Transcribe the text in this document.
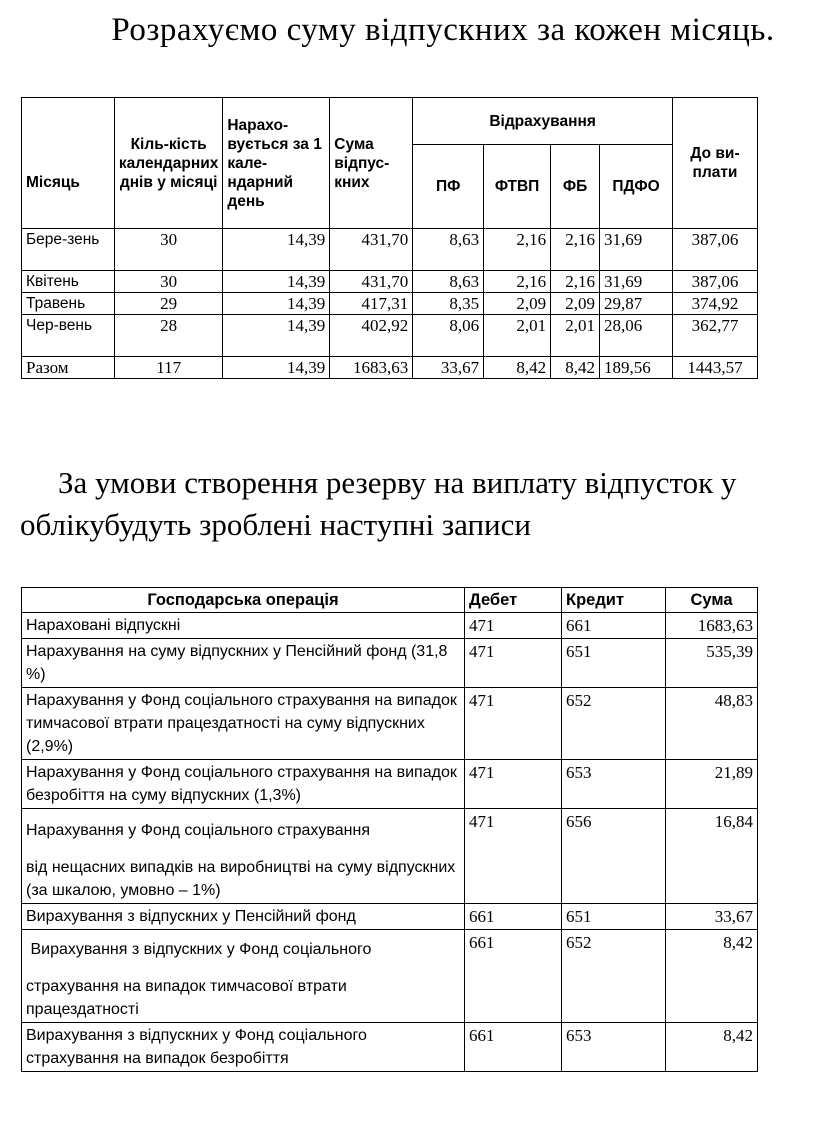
Розрахуємо суму відпускних за кожен місяць.
Місяць	Кіль-кість календарних днів у місяці	Нарахо-вується за 1 кале-ндарний день	Сума відпус-кних	Відрахування				До ви-плати
				ПФ	ФТВП	ФБ	ПДФО	
Бере-зень	30	14,39	431,70	8,63	2,16	2,16	31,69	387,06
Квітень	30	14,39	431,70	8,63	2,16	2,16	31,69	387,06
Травень	29	14,39	417,31	8,35	2,09	2,09	29,87	374,92
Чер-вень	28	14,39	402,92	8,06	2,01	2,01	28,06	362,77
Разом	117	14,39	1683,63	33,67	8,42	8,42	189,56	1443,57
За умови створення резерву на виплату відпусток у облікубудуть зроблені наступні записи
Господарська операція	Дебет	Кредит	Сума
Нараховані відпускні	471	661	1683,63
Нарахування на суму відпускних у Пенсійний фонд (31,8 %)	471	651	535,39
Нарахування у Фонд соціального страхування на випадок тимчасової втрати працездатності на суму відпускних (2,9%)	471	652	48,83
Нарахування у Фонд соціального страхування на випадок безробіття на суму відпускних (1,3%)	471	653	21,89
Нарахування у Фонд соціального страхування
від нещасних випадків на виробництві на суму відпускних (за шкалою, умовно – 1%)	471	656	16,84
Вирахування з відпускних у Пенсійний фонд	661	651	33,67
Вирахування з відпускних у Фонд соціального
страхування на випадок тимчасової втрати працездатності	661	652	8,42
Вирахування з відпускних у Фонд соціального страхування на випадок безробіття	661	653	8,42
